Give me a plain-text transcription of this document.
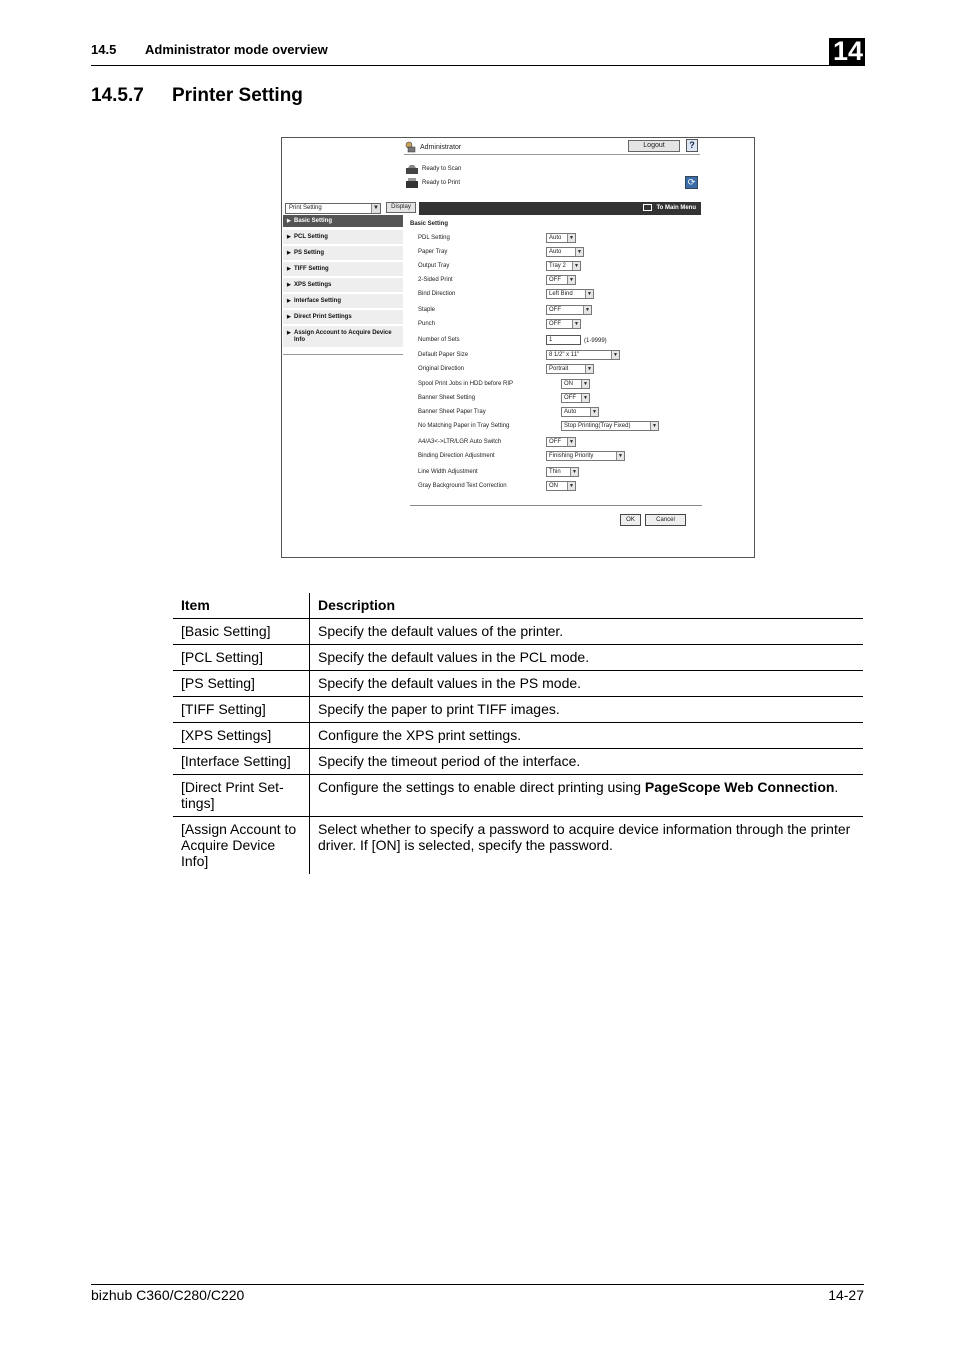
14.5 Administrator mode overview	14
14.5.7 Printer Setting
Administrator	Logout	?
Ready to Scan
Ready to Print	⟳
Print Setting	▼	Display	To Main Menu
▶ Basic Setting
▶ PCL Setting
▶ PS Setting
▶ TIFF Setting
▶ XPS Settings
▶ Interface Setting
▶ Direct Print Settings
▶ Assign Account to Acquire Device Info
Basic Setting
PDL Setting	Auto	▼
Paper Tray	Auto	▼
Output Tray	Tray 2	▼
2-Sided Print	OFF	▼
Bind Direction	Left Bind	▼
Staple	OFF	▼
Punch	OFF	▼
Number of Sets	1	(1-9999)
Default Paper Size	8 1/2" x 11"	▼
Original Direction	Portrait	▼
Spool Print Jobs in HDD before RIP	ON	▼
Banner Sheet Setting	OFF	▼
Banner Sheet Paper Tray	Auto	▼
No Matching Paper in Tray Setting	Stop Printing(Tray Fixed)	▼
A4/A3<->LTR/LGR Auto Switch	OFF	▼
Binding Direction Adjustment	Finishing Priority	▼
Line Width Adjustment	Thin	▼
Gray Background Text Correction	ON	▼
OK	Cancel
Item	Description
[Basic Setting]	Specify the default values of the printer.
[PCL Setting]	Specify the default values in the PCL mode.
[PS Setting]	Specify the default values in the PS mode.
[TIFF Setting]	Specify the paper to print TIFF images.
[XPS Settings]	Configure the XPS print settings.
[Interface Setting]	Specify the timeout period of the interface.
[Direct Print Set-tings]	Configure the settings to enable direct printing using PageScope Web Connection.
[Assign Account to Acquire Device Info]	Select whether to specify a password to acquire device information through the printer driver. If [ON] is selected, specify the password.
bizhub C360/C280/C220	14-27
